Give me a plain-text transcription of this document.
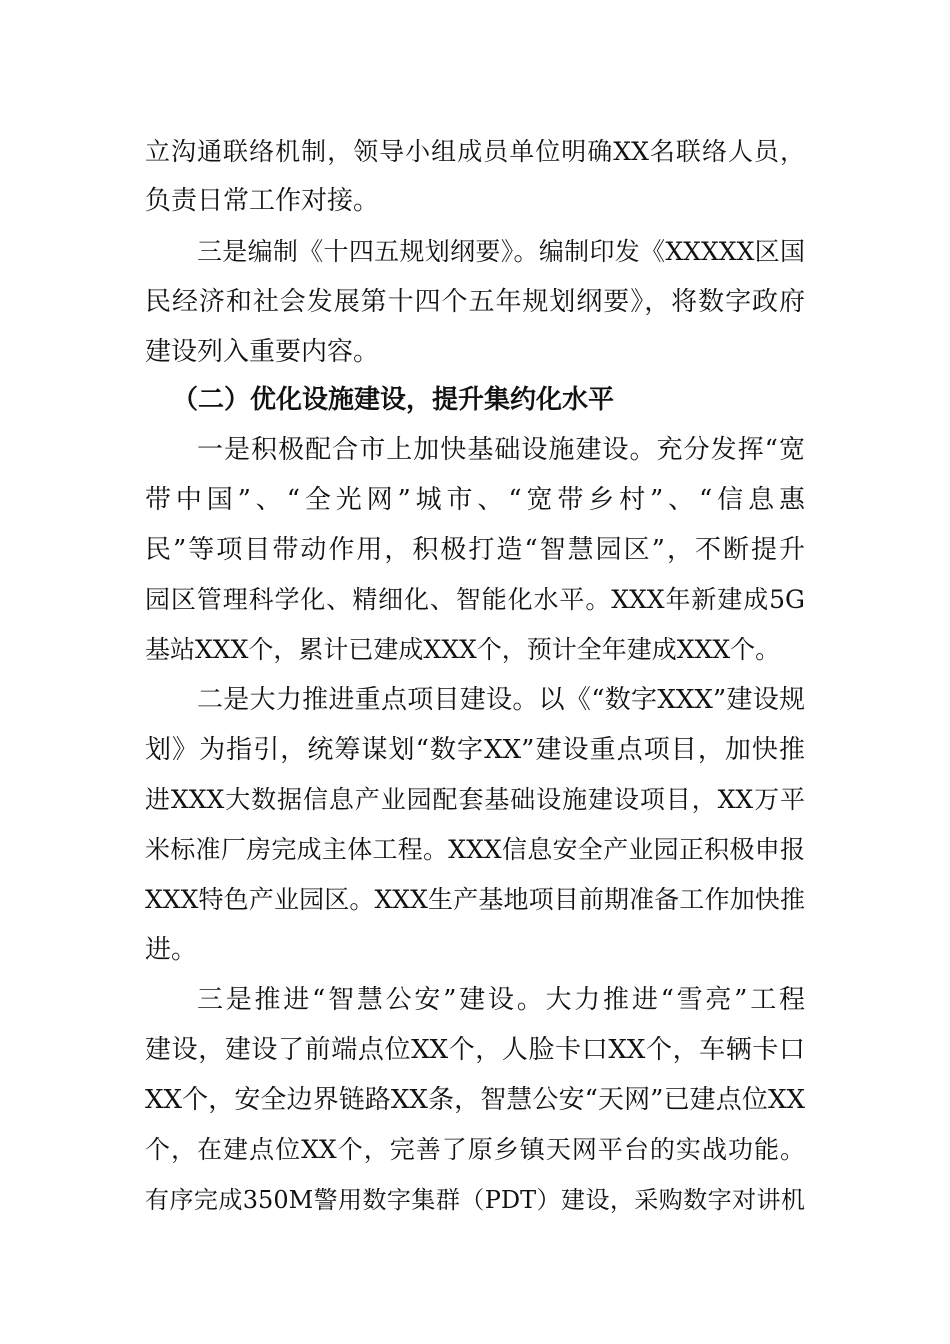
立沟通联络机制，领导小组成员单位明确XX名联络人员，
负责日常工作对接。
三是编制《十四五规划纲要》。编制印发《XXXXX区国
民经济和社会发展第十四个五年规划纲要》，将数字政府
建设列入重要内容。
（二）优化设施建设，提升集约化水平
一是积极配合市上加快基础设施建设。充分发挥“宽
带中国”、“全光网”城市、“宽带乡村”、“信息惠
民”等项目带动作用，积极打造“智慧园区”，不断提升
园区管理科学化、精细化、智能化水平。XXX年新建成5G
基站XXX个，累计已建成XXX个，预计全年建成XXX个。
二是大力推进重点项目建设。以《“数字XXX”建设规
划》为指引，统筹谋划“数字XX”建设重点项目，加快推
进XXX大数据信息产业园配套基础设施建设项目，XX万平
米标准厂房完成主体工程。XXX信息安全产业园正积极申报
XXX特色产业园区。XXX生产基地项目前期准备工作加快推
进。
三是推进“智慧公安”建设。大力推进“雪亮”工程
建设，建设了前端点位XX个，人脸卡口XX个，车辆卡口
XX个，安全边界链路XX条，智慧公安“天网”已建点位XX
个，在建点位XX个，完善了原乡镇天网平台的实战功能。
有序完成350M警用数字集群（PDT）建设，采购数字对讲机
